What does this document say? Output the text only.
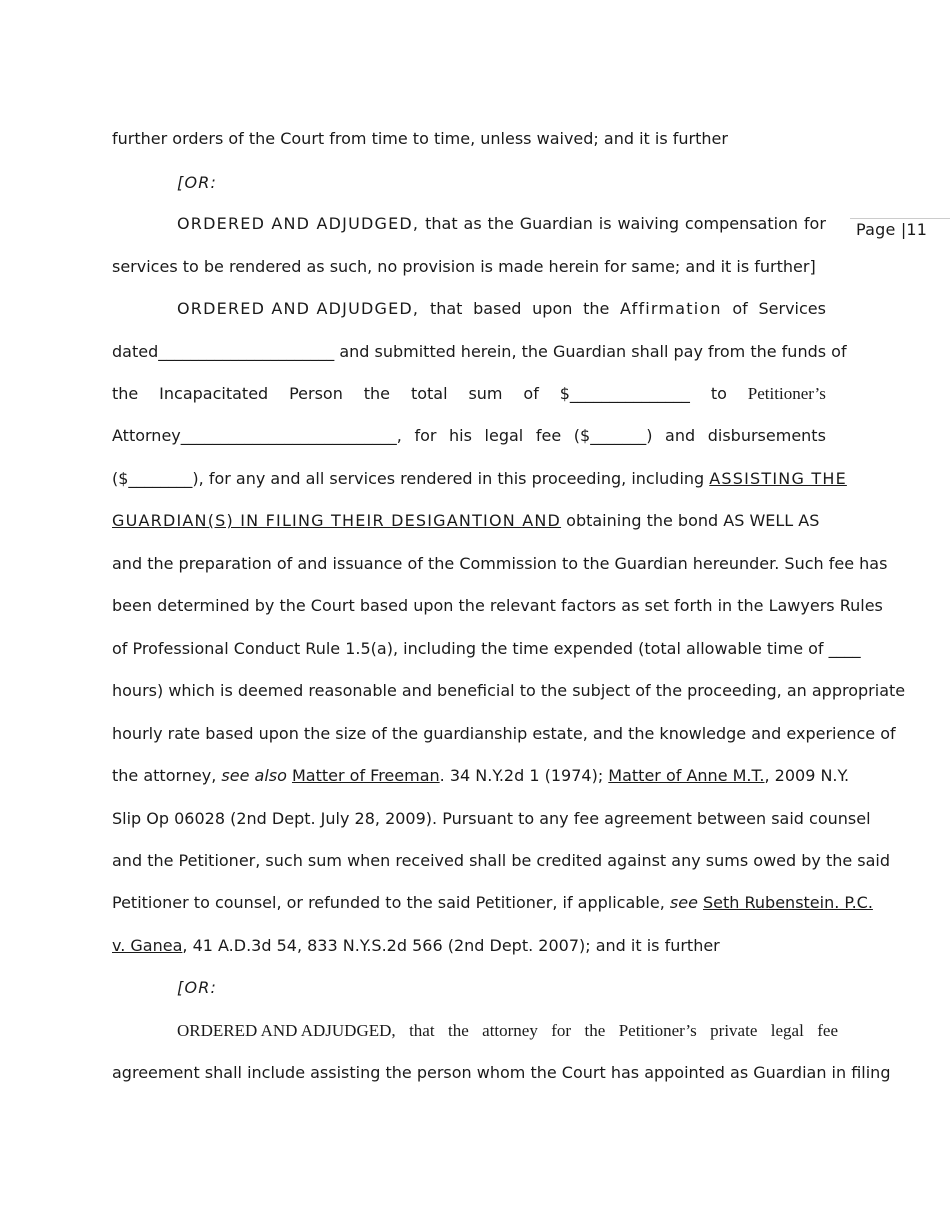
Page |11
further orders of the Court from time to time, unless waived; and it is further
[OR:
ORDERED AND ADJUDGED, that as the Guardian is waiving compensation for
services to be rendered as such, no provision is made herein for same; and it is further]
ORDERED AND ADJUDGED, that based upon the Affirmation of Services
dated______________________ and submitted herein, the Guardian shall pay from the funds of
the Incapacitated Person the total sum of $_______________ to Petitioner’s
Attorney___________________________, for his legal fee ($_______) and disbursements
($________), for any and all services rendered in this proceeding, including ASSISTING THE
GUARDIAN(S) IN FILING THEIR DESIGANTION AND obtaining the bond AS WELL AS
and the preparation of and issuance of the Commission to the Guardian hereunder. Such fee has
been determined by the Court based upon the relevant factors as set forth in the Lawyers Rules
of Professional Conduct Rule 1.5(a), including the time expended (total allowable time of ____
hours) which is deemed reasonable and beneficial to the subject of the proceeding, an appropriate
hourly rate based upon the size of the guardianship estate, and the knowledge and experience of
the attorney, see also Matter of Freeman. 34 N.Y.2d 1 (1974); Matter of Anne M.T., 2009 N.Y.
Slip Op 06028 (2nd Dept. July 28, 2009). Pursuant to any fee agreement between said counsel
and the Petitioner, such sum when received shall be credited against any sums owed by the said
Petitioner to counsel, or refunded to the said Petitioner, if applicable, see Seth Rubenstein. P.C.
v. Ganea, 41 A.D.3d 54, 833 N.Y.S.2d 566 (2nd Dept. 2007); and it is further
[OR:
ORDERED AND ADJUDGED, that the attorney for the Petitioner’s private legal fee
agreement shall include assisting the person whom the Court has appointed as Guardian in filing
